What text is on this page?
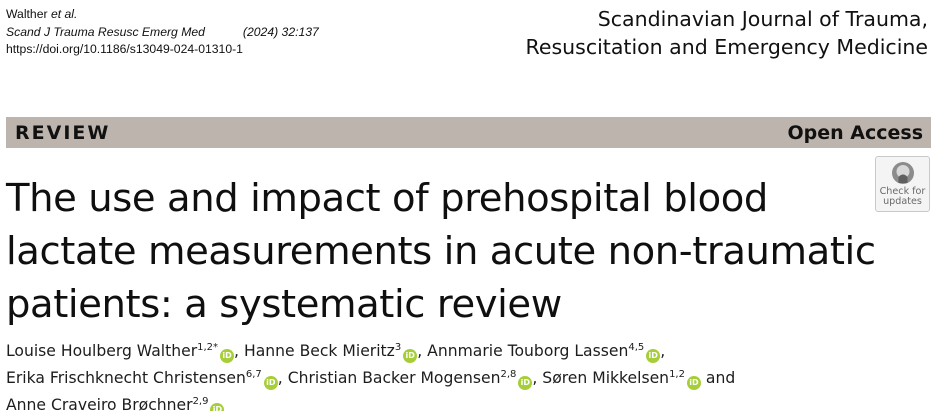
Walther et al.
Scand J Trauma Resusc Emerg Med	(2024) 32:137
https://doi.org/10.1186/s13049-024-01310-1
Scandinavian Journal of Trauma,
Resuscitation and Emergency Medicine
REVIEW	Open Access
Check for
updates
The use and impact of prehospital blood
lactate measurements in acute non-traumatic
patients: a systematic review
Louise Houlberg Walther$^{1,2*}$iD , Hanne Beck Mieritz$^3$iD , Annmarie Touborg Lassen$^{4,5}$iD ,
Erika Frischknecht Christensen$^{6,7}$iD , Christian Backer Mogensen$^{2,8}$iD , Søren Mikkelsen$^{1,2}$iD and
Anne Craveiro Brøchner$^{2,9}$iD
